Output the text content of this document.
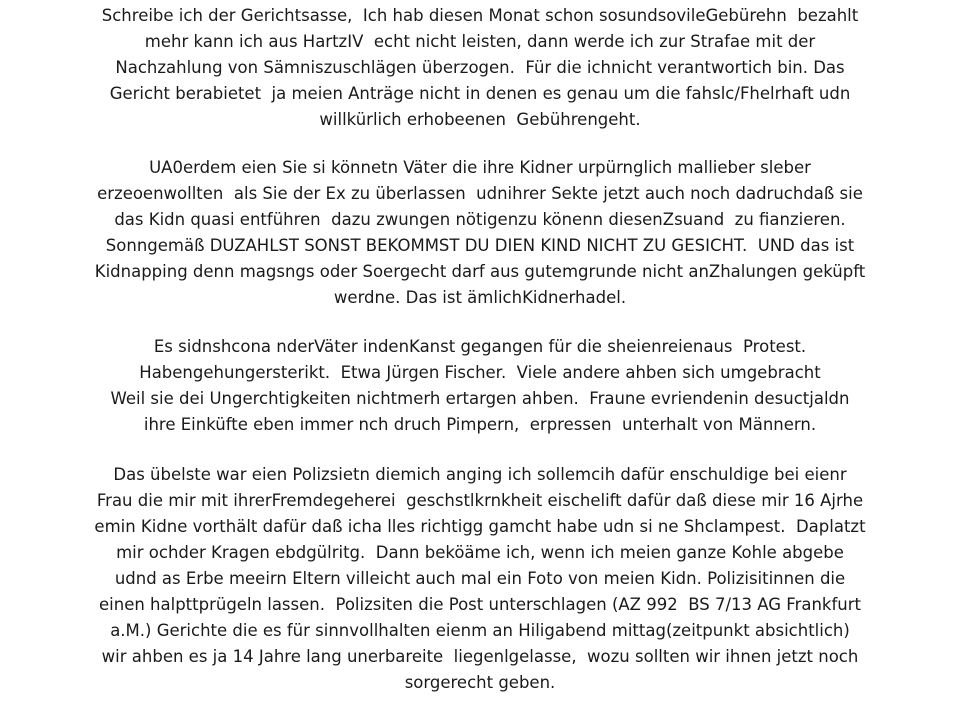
Schreibe ich der Gerichtsasse,  Ich hab diesen Monat schon sosundsovileGebürehn  bezahlt
mehr kann ich aus HartzIV  echt nicht leisten, dann werde ich zur Strafae mit der
Nachzahlung von Sämniszuschlägen überzogen.  Für die ichnicht verantwortich bin. Das
Gericht berabietet  ja meien Anträge nicht in denen es genau um die fahslc/Fhelrhaft udn
willkürlich erhobeenen  Gebührengeht.

UA0erdem eien Sie si könnetn Väter die ihre Kidner urpürnglich mallieber sleber
erzeoenwollten  als Sie der Ex zu überlassen  udnihrer Sekte jetzt auch noch dadruchdaß sie
das Kidn quasi entführen  dazu zwungen nötigenzu könenn diesenZsuand  zu fianzieren.
Sonngemäß DUZAHLST SONST BEKOMMST DU DIEN KIND NICHT ZU GESICHT.  UND das ist
Kidnapping denn magsngs oder Soergecht darf aus gutemgrunde nicht anZhalungen geküpft
werdne. Das ist ämlichKidnerhadel.

Es sidnshcona nderVäter indenKanst gegangen für die sheienreienaus  Protest.
Habengehungersterikt.  Etwa Jürgen Fischer.  Viele andere ahben sich umgebracht
Weil sie dei Ungerchtigkeiten nichtmerh ertargen ahben.  Fraune evriendenin desuctjaldn
ihre Einküfte eben immer nch druch Pimpern,  erpressen  unterhalt von Männern.

Das übelste war eien Polizsietn diemich anging ich sollemcih dafür enschuldige bei eienr
Frau die mir mit ihrerFremdegeherei  geschstlkrnkheit eischelift dafür daß diese mir 16 Ajrhe
emin Kidne vorthält dafür daß icha lles richtigg gamcht habe udn si ne Shclampest.  Daplatzt
mir ochder Kragen ebdgülritg.  Dann beköäme ich, wenn ich meien ganze Kohle abgebe
udnd as Erbe meeirn Eltern villeicht auch mal ein Foto von meien Kidn. Polizisitinnen die
einen halpttprügeln lassen.  Polizsiten die Post unterschlagen (AZ 992  BS 7/13 AG Frankfurt
a.M.) Gerichte die es für sinnvollhalten eienm an Hiligabend mittag(zeitpunkt absichtlich)
wir ahben es ja 14 Jahre lang unerbareite  liegenlgelasse,  wozu sollten wir ihnen jetzt noch
sorgerecht geben.
